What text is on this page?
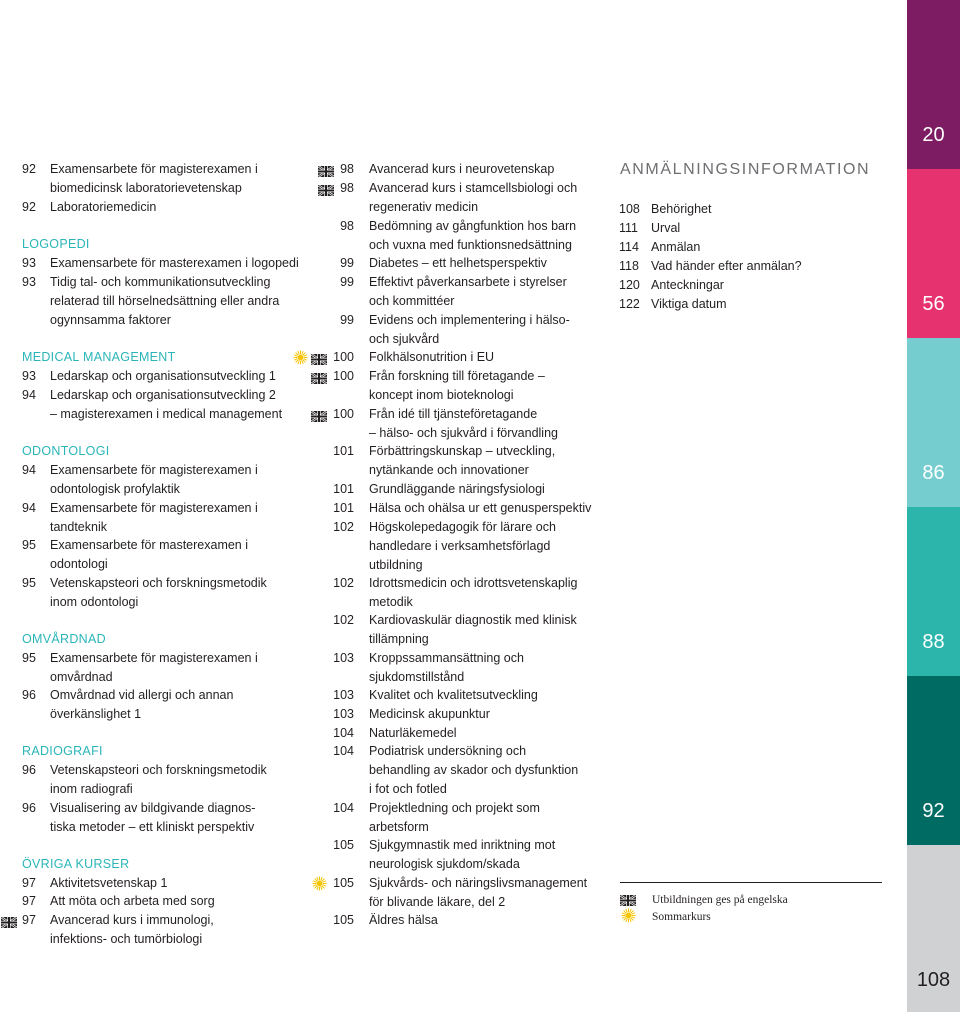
ANMÄLNINGSINFORMATION
92	Examensarbete för magisterexamen i
biomedicinsk laboratorievetenskap
92	Laboratoriemedicin
LOGOPEDI
93	Examensarbete för masterexamen i logopedi
93	Tidig tal- och kommunikationsutveckling
relaterad till hörselnedsättning eller andra
ogynnsamma faktorer
MEDICAL MANAGEMENT
93	Ledarskap och organisationsutveckling 1
94	Ledarskap och organisationsutveckling 2
– magisterexamen i medical management
ODONTOLOGI
94	Examensarbete för magisterexamen i
odontologisk profylaktik
94	Examensarbete för magisterexamen i
tandteknik
95	Examensarbete för masterexamen i
odontologi
95	Vetenskapsteori och forskningsmetodik
inom odontologi
OMVÅRDNAD
95	Examensarbete för magisterexamen i
omvårdnad
96	Omvårdnad vid allergi och annan
överkänslighet 1
RADIOGRAFI
96	Vetenskapsteori och forskningsmetodik
inom radiografi
96	Visualisering av bildgivande diagnos-
tiska metoder – ett kliniskt perspektiv
ÖVRIGA KURSER
97	Aktivitetsvetenskap 1
97	Att möta och arbeta med sorg
97	Avancerad kurs i immunologi,
infektions- och tumörbiologi
98 Avancerad kurs i neurovetenskap
98 Avancerad kurs i stamcellsbiologi och
regenerativ medicin
98 Bedömning av gångfunktion hos barn
och vuxna med funktionsnedsättning
99 Diabetes – ett helhetsperspektiv
99 Effektivt påverkansarbete i styrelser
och kommittéer
99 Evidens och implementering i hälso-
och sjukvård
100 Folkhälsonutrition i EU
100 Från forskning till företagande –
koncept inom bioteknologi
100 Från idé till tjänsteföretagande
– hälso- och sjukvård i förvandling
101 Förbättringskunskap – utveckling,
nytänkande och innovationer
101 Grundläggande näringsfysiologi
101 Hälsa och ohälsa ur ett genusperspektiv
102 Högskolepedagogik för lärare och
handledare i verksamhetsförlagd
utbildning
102 Idrottsmedicin och idrottsvetenskaplig
metodik
102 Kardiovaskulär diagnostik med klinisk
tillämpning
103 Kroppssammansättning och
sjukdomstillstånd
103 Kvalitet och kvalitetsutveckling
103 Medicinsk akupunktur
104 Naturläkemedel
104 Podiatrisk undersökning och
behandling av skador och dysfunktion
i fot och fotled
104 Projektledning och projekt som
arbetsform
105 Sjukgymnastik med inriktning mot
neurologisk sjukdom/skada
105 Sjukvårds- och näringslivsmanagement
för blivande läkare, del 2
105 Äldres hälsa
108 Behörighet
111	Urval
114 Anmälan
118 Vad händer efter anmälan?
120 Anteckningar
122 Viktiga datum
Utbildningen ges på engelska
Sommarkurs
20
56
86
88
92
108
